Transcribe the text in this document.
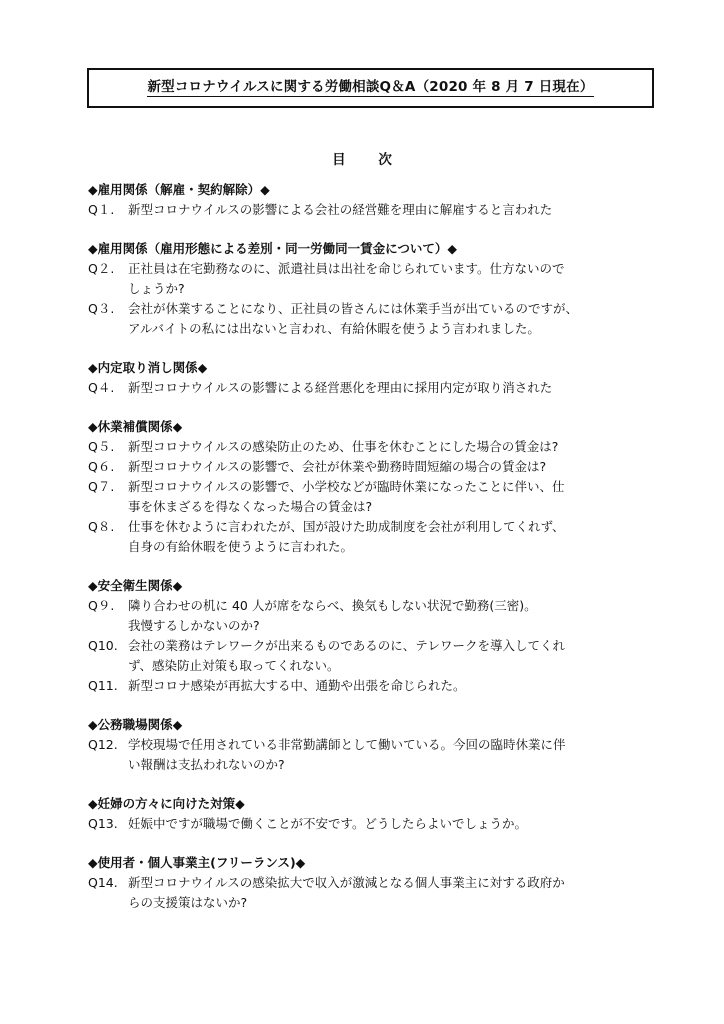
新型コロナウイルスに関する労働相談Q＆A（2020 年 8 月 7 日現在）
目 次
◆雇用関係（解雇・契約解除）◆
Q１.	新型コロナウイルスの影響による会社の経営難を理由に解雇すると言われた
◆雇用関係（雇用形態による差別・同一労働同一賃金について）◆
Q２.	正社員は在宅勤務なのに、派遣社員は出社を命じられています。仕方ないので
しょうか?
Q３.	会社が休業することになり、正社員の皆さんには休業手当が出ているのですが、
アルバイトの私には出ないと言われ、有給休暇を使うよう言われました。
◆内定取り消し関係◆
Q４.	新型コロナウイルスの影響による経営悪化を理由に採用内定が取り消された
◆休業補償関係◆
Q５.	新型コロナウイルスの感染防止のため、仕事を休むことにした場合の賃金は?
Q６.	新型コロナウイルスの影響で、会社が休業や勤務時間短縮の場合の賃金は?
Q７.	新型コロナウイルスの影響で、小学校などが臨時休業になったことに伴い、仕
事を休まざるを得なくなった場合の賃金は?
Q８.	仕事を休むように言われたが、国が設けた助成制度を会社が利用してくれず、
自身の有給休暇を使うように言われた。
◆安全衛生関係◆
Q９.	隣り合わせの机に 40 人が席をならべ、換気もしない状況で勤務(三密)。
我慢するしかないのか?
Q10. 会社の業務はテレワークが出来るものであるのに、テレワークを導入してくれ
ず、感染防止対策も取ってくれない。
Q11. 新型コロナ感染が再拡大する中、通勤や出張を命じられた。
◆公務職場関係◆
Q12. 学校現場で任用されている非常勤講師として働いている。今回の臨時休業に伴
い報酬は支払われないのか?
◆妊婦の方々に向けた対策◆
Q13. 妊娠中ですが職場で働くことが不安です。どうしたらよいでしょうか。
◆使用者・個人事業主(フリーランス)◆
Q14. 新型コロナウイルスの感染拡大で収入が激減となる個人事業主に対する政府か
らの支援策はないか?
